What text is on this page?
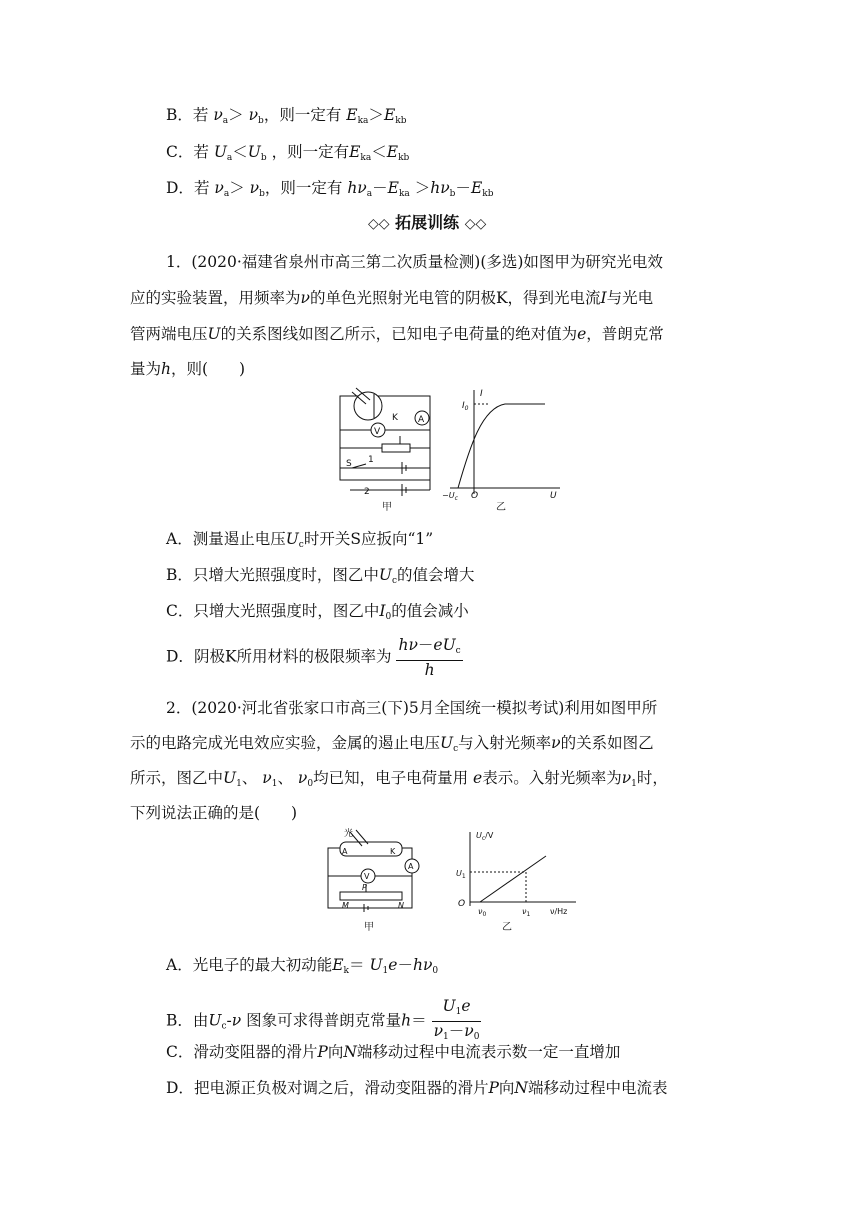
B．若 $\nu_a> \nu_b$，则一定有 $E_{ka}>E_{kb}$
C．若 $U_a<U_b$ ，则一定有$E_{ka}<E_{kb}$
D．若 $\nu_a> \nu_b$，则一定有 $h\nu_a-E_{ka} >h\nu_b-E_{kb}$
◇◇ 拓展训练 ◇◇
1．(2020·福建省泉州市高三第二次质量检测)(多选)如图甲为研究光电效
应的实验装置，用频率为ν的单色光照射光电管的阴极K，得到光电流I与光电
管两端电压U的关系图线如图乙所示，已知电子电荷量的绝对值为e，普朗克常
量为h，则(　　)
K A
V
S 1
2
甲
I
$I_0$
$-U_c$ O	U
乙
A．测量遏止电压$U_c$时开关S应扳向“1”
B．只增大光照强度时，图乙中$U_c$的值会增大
C．只增大光照强度时，图乙中$I_0$的值会减小
D．阴极K所用材料的极限频率为 $\frac{h\nu-eU_c}{h}$
2．(2020·河北省张家口市高三(下)5月全国统一模拟考试)利用如图甲所
示的电路完成光电效应实验，金属的遏止电压$U_c$与入射光频率ν的关系如图乙
所示，图乙中$U_1$、 $\nu_1$、 $\nu_0$均已知，电子电荷量用 e表示。入射光频率为$\nu_1$时，
下列说法正确的是(　　)
光
A	K
A
V
P
M	N
甲
$U_c/V$
$U_1$
O
$\nu_0$	$\nu_1$ ν/Hz
乙
A．光电子的最大初动能$E_k= U_1e-h\nu_0$
B．由$U_c-\nu$ 图象可求得普朗克常量$h= \frac{U_1e}{\nu_1-\nu_0}$
C．滑动变阻器的滑片P向N端移动过程中电流表示数一定一直增加
D．把电源正负极对调之后，滑动变阻器的滑片P向N端移动过程中电流表
